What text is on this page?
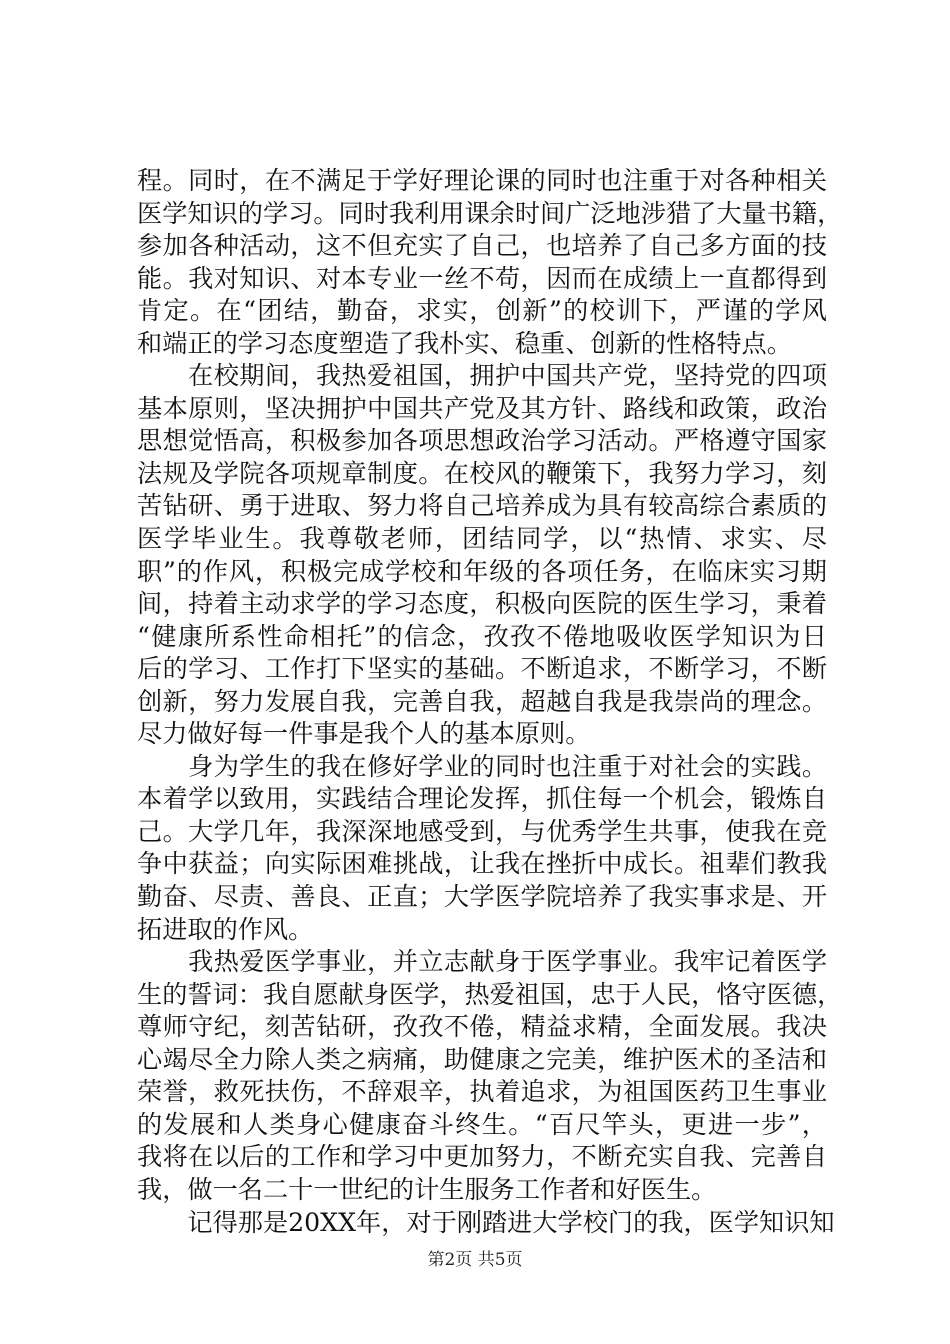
程。同时，在不满足于学好理论课的同时也注重于对各种相关
医学知识的学习。同时我利用课余时间广泛地涉猎了大量书籍，
参加各种活动，这不但充实了自己，也培养了自己多方面的技
能。我对知识、对本专业一丝不苟，因而在成绩上一直都得到
肯定。在“团结，勤奋，求实，创新”的校训下，严谨的学风
和端正的学习态度塑造了我朴实、稳重、创新的性格特点。
　　在校期间，我热爱祖国，拥护中国共产党，坚持党的四项
基本原则，坚决拥护中国共产党及其方针、路线和政策，政治
思想觉悟高，积极参加各项思想政治学习活动。严格遵守国家
法规及学院各项规章制度。在校风的鞭策下，我努力学习，刻
苦钻研、勇于进取、努力将自己培养成为具有较高综合素质的
医学毕业生。我尊敬老师，团结同学，以“热情、求实、尽
职”的作风，积极完成学校和年级的各项任务，在临床实习期
间，持着主动求学的学习态度，积极向医院的医生学习，秉着
“健康所系性命相托”的信念，孜孜不倦地吸收医学知识为日
后的学习、工作打下坚实的基础。不断追求，不断学习，不断
创新，努力发展自我，完善自我，超越自我是我崇尚的理念。
尽力做好每一件事是我个人的基本原则。
　　身为学生的我在修好学业的同时也注重于对社会的实践。
本着学以致用，实践结合理论发挥，抓住每一个机会，锻炼自
己。大学几年，我深深地感受到，与优秀学生共事，使我在竞
争中获益；向实际困难挑战，让我在挫折中成长。祖辈们教我
勤奋、尽责、善良、正直；大学医学院培养了我实事求是、开
拓进取的作风。
　　我热爱医学事业，并立志献身于医学事业。我牢记着医学
生的誓词：我自愿献身医学，热爱祖国，忠于人民，恪守医德，
尊师守纪，刻苦钻研，孜孜不倦，精益求精，全面发展。我决
心竭尽全力除人类之病痛，助健康之完美，维护医术的圣洁和
荣誉，救死扶伤，不辞艰辛，执着追求，为祖国医药卫生事业
的发展和人类身心健康奋斗终生。“百尺竿头，更进一步”，
我将在以后的工作和学习中更加努力，不断充实自我、完善自
我，做一名二十一世纪的计生服务工作者和好医生。
　　记得那是20XX年，对于刚踏进大学校门的我，医学知识知
第2页 共5页
